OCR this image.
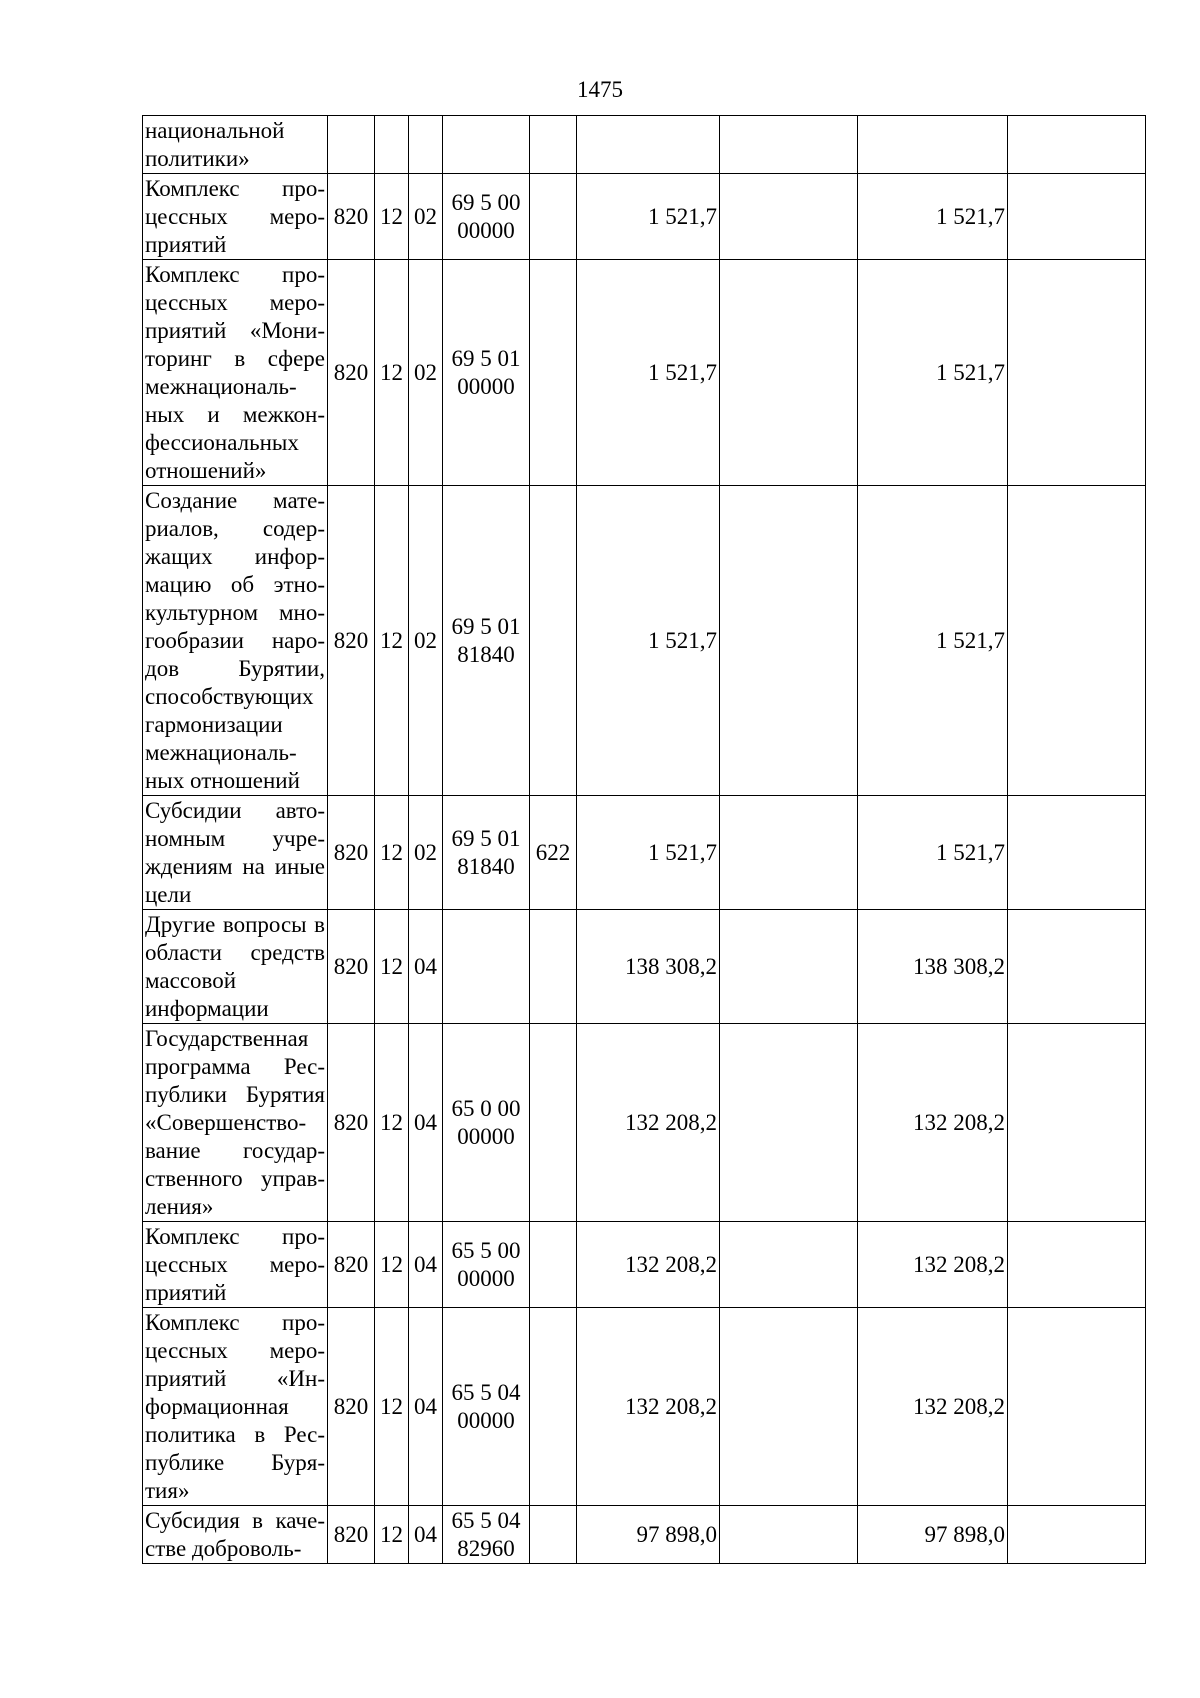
1475
национальной политики»									
Комплекс про-цессных меро-приятий	820	12	02	69 5 00 00000		1 521,7		1 521,7	
Комплекс про-цессных меро-приятий «Мони-торинг в сфере межнациональ-ных и межкон-фессиональных отношений»	820	12	02	69 5 01 00000		1 521,7		1 521,7	
Создание мате-риалов, содер-жащих инфор-мацию об этно-культурном мно-гообразии наро-дов Бурятии, способствующих гармонизации межнациональ-ных отношений	820	12	02	69 5 01 81840		1 521,7		1 521,7	
Субсидии авто-номным учре-ждениям на иные цели	820	12	02	69 5 01 81840	622	1 521,7		1 521,7	
Другие вопросы в области средств массовой информации	820	12	04			138 308,2		138 308,2	
Государственная программа Рес-публики Бурятия «Совершенство-вание государ-ственного управ-ления»	820	12	04	65 0 00 00000		132 208,2		132 208,2	
Комплекс про-цессных меро-приятий	820	12	04	65 5 00 00000		132 208,2		132 208,2	
Комплекс про-цессных меро-приятий «Ин-формационная политика в Рес-публике Буря-тия»	820	12	04	65 5 04 00000		132 208,2		132 208,2	
Субсидия в каче-стве доброволь-	820	12	04	65 5 04 82960		97 898,0		97 898,0	
